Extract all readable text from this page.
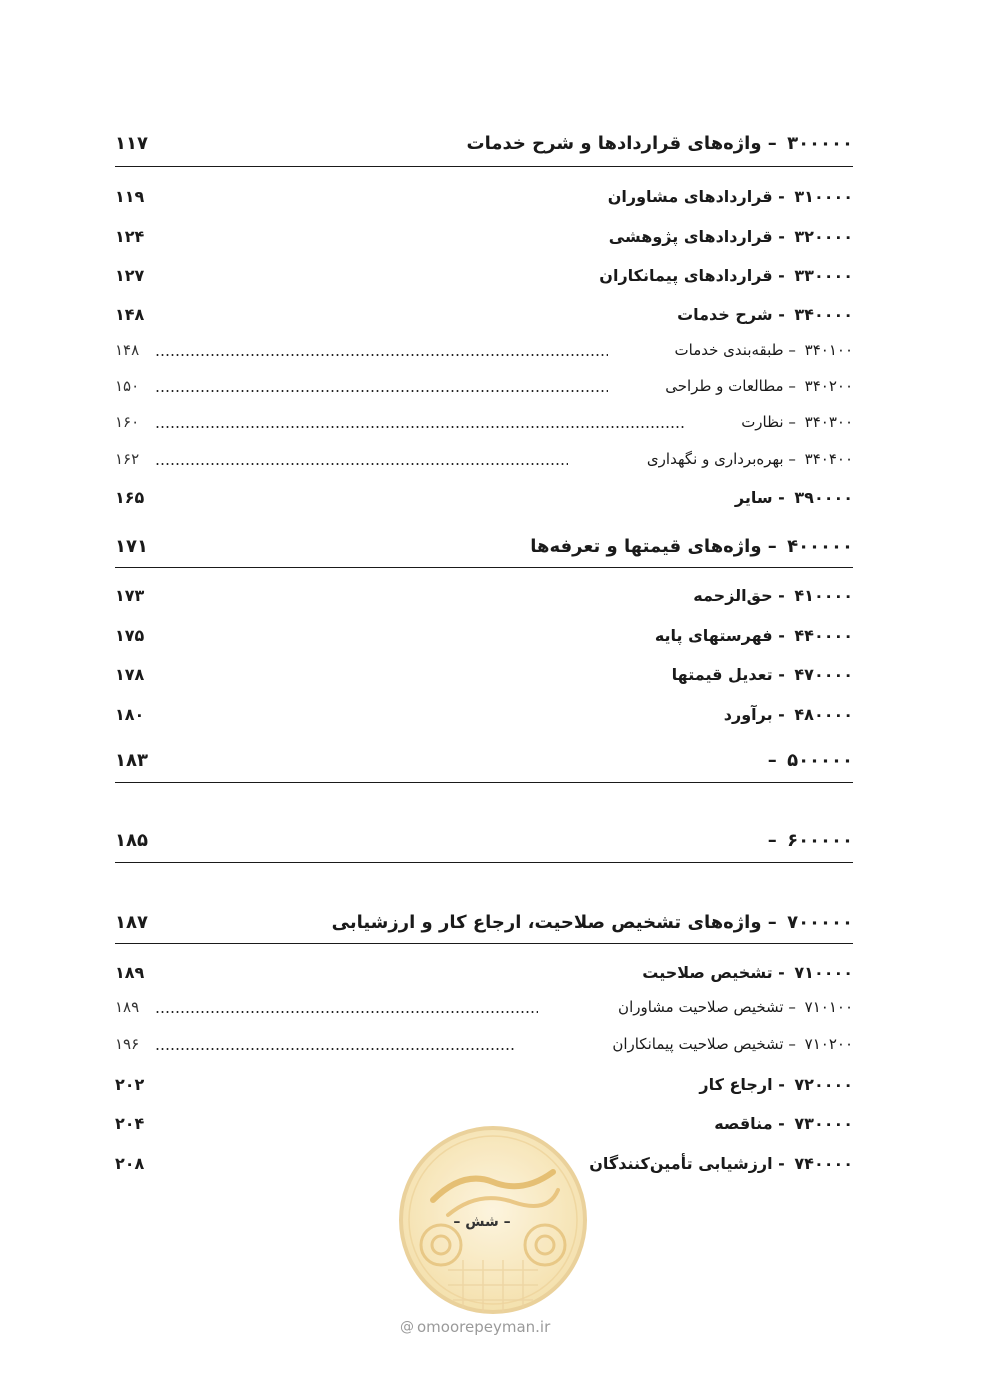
۱۱۷	۳۰۰۰۰۰ – واژه‌های قراردادها و شرح خدمات
۱۱۹	۳۱۰۰۰۰ - قراردادهای مشاوران
۱۲۴	۳۲۰۰۰۰ - قراردادهای پژوهشی
۱۲۷	۳۳۰۰۰۰ - قراردادهای پیمانکاران
۱۴۸	۳۴۰۰۰۰ - شرح خدمات
۱۴۸	۳۴۰۱۰۰ – طبقه‌بندی خدمات
۱۵۰	۳۴۰۲۰۰ – مطالعات و طراحی
۱۶۰	۳۴۰۳۰۰ – نظارت
۱۶۲	۳۴۰۴۰۰ – بهره‌برداری و نگهداری
۱۶۵	۳۹۰۰۰۰ - سایر
۱۷۱	۴۰۰۰۰۰ – واژه‌های قیمتها و تعرفه‌ها
۱۷۳	۴۱۰۰۰۰ - حق‌الزحمه
۱۷۵	۴۴۰۰۰۰ - فهرستهای پایه
۱۷۸	۴۷۰۰۰۰ - تعدیل قیمتها
۱۸۰	۴۸۰۰۰۰ - برآورد
۱۸۳	۵۰۰۰۰۰ –
۱۸۵	۶۰۰۰۰۰ –
۱۸۷	۷۰۰۰۰۰ – واژه‌های تشخیص صلاحیت، ارجاع کار و ارزشیابی
۱۸۹	۷۱۰۰۰۰ - تشخیص صلاحیت
۱۸۹	۷۱۰۱۰۰ – تشخیص صلاحیت مشاوران
۱۹۶	۷۱۰۲۰۰ – تشخیص صلاحیت پیمانکاران
۲۰۲	۷۲۰۰۰۰ - ارجاع کار
۲۰۴	۷۳۰۰۰۰ - مناقصه
۲۰۸	۷۴۰۰۰۰ - ارزشیابی تأمین‌کنندگان
– شش –
@ omoorepeyman.ir
